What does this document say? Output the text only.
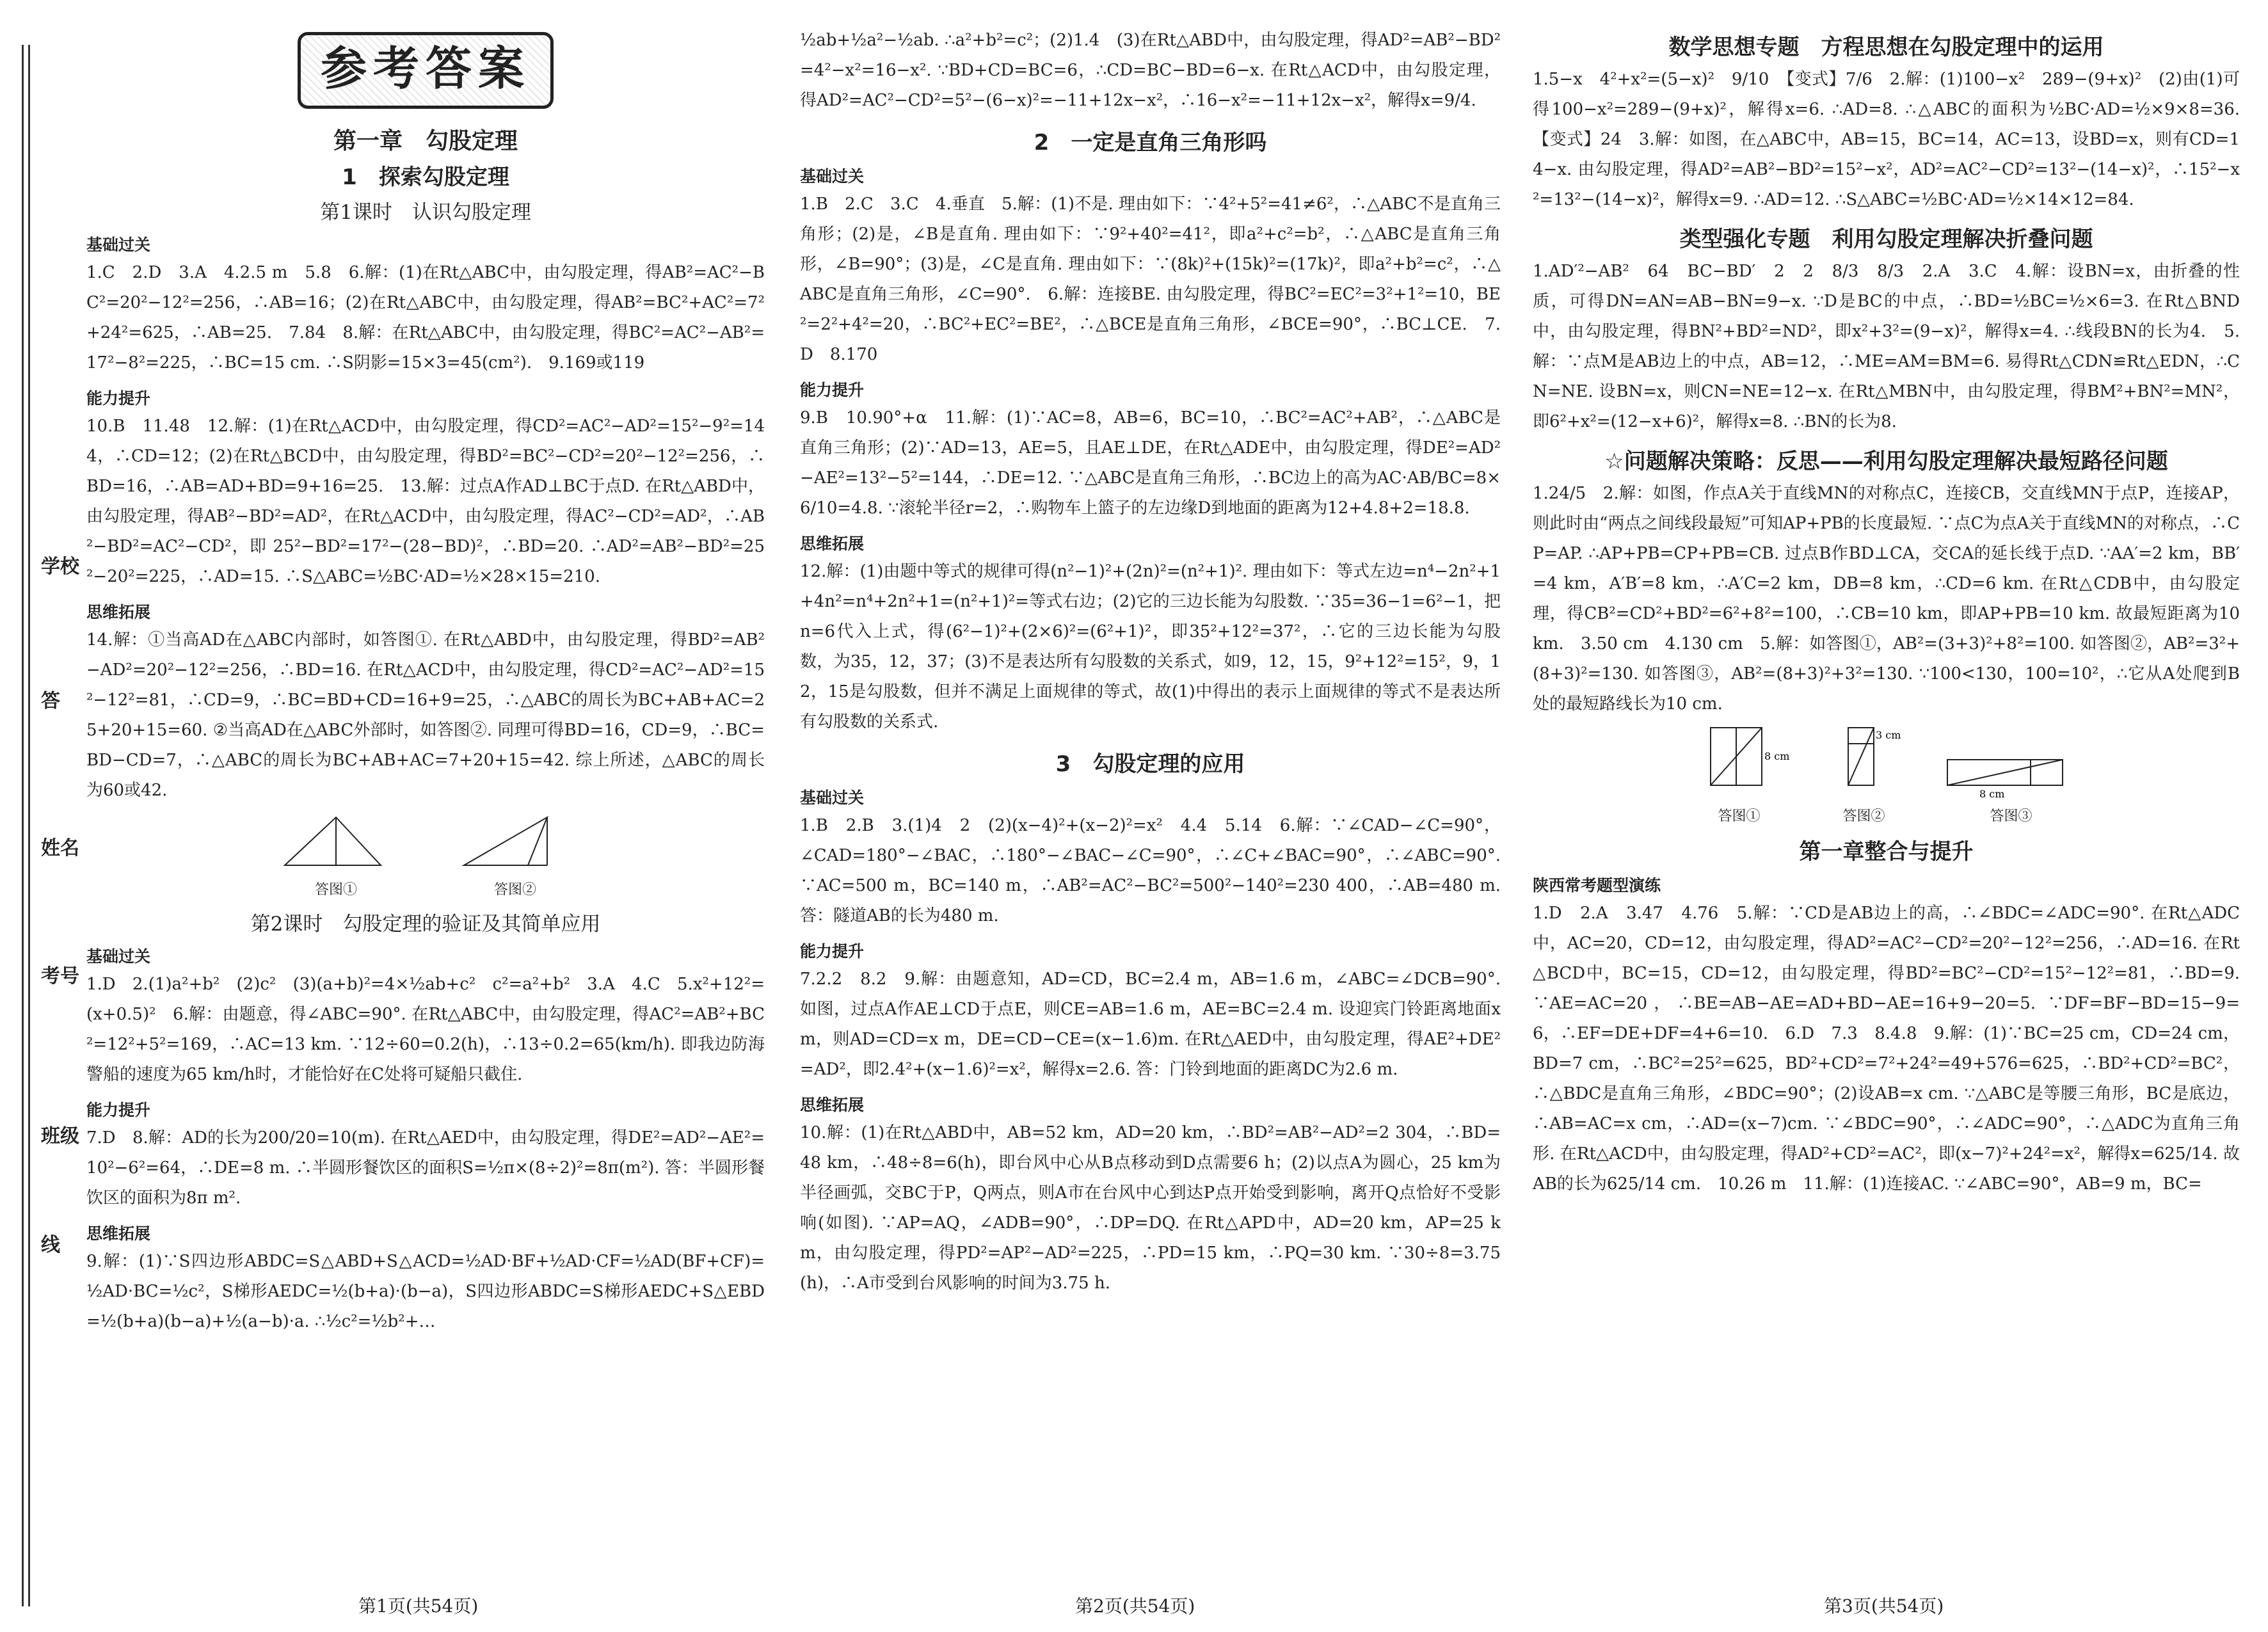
学校
答
姓名
考号
班级
线
参考答案
第一章　勾股定理
1　探索勾股定理
第1课时　认识勾股定理
基础过关

1.C　2.D　3.A　4.2.5 m　5.8　6.解：(1)在Rt△ABC中，由勾股定理，得AB²=AC²−BC²=20²−12²=256，∴AB=16；(2)在Rt△ABC中，由勾股定理，得AB²=BC²+AC²=7²+24²=625，∴AB=25.　7.84　8.解：在Rt△ABC中，由勾股定理，得BC²=AC²−AB²=17²−8²=225，∴BC=15 cm. ∴S阴影=15×3=45(cm²).　9.169或119

能力提升

10.B　11.48　12.解：(1)在Rt△ACD中，由勾股定理，得CD²=AC²−AD²=15²−9²=144，∴CD=12；(2)在Rt△BCD中，由勾股定理，得BD²=BC²−CD²=20²−12²=256，∴BD=16，∴AB=AD+BD=9+16=25.　13.解：过点A作AD⊥BC于点D. 在Rt△ABD中，由勾股定理，得AB²−BD²=AD²，在Rt△ACD中，由勾股定理，得AC²−CD²=AD²，∴AB²−BD²=AC²−CD²，即 25²−BD²=17²−(28−BD)²，∴BD=20. ∴AD²=AB²−BD²=25²−20²=225，∴AD=15. ∴S△ABC=½BC·AD=½×28×15=210.

思维拓展

14.解：①当高AD在△ABC内部时，如答图①. 在Rt△ABD中，由勾股定理，得BD²=AB²−AD²=20²−12²=256，∴BD=16. 在Rt△ACD中，由勾股定理，得CD²=AC²−AD²=15²−12²=81，∴CD=9，∴BC=BD+CD=16+9=25，∴△ABC的周长为BC+AB+AC=25+20+15=60. ②当高AD在△ABC外部时，如答图②. 同理可得BD=16，CD=9，∴BC=BD−CD=7，∴△ABC的周长为BC+AB+AC=7+20+15=42. 综上所述，△ABC的周长为60或42.

答图①	答图②
第2课时　勾股定理的验证及其简单应用
基础过关

1.D　2.(1)a²+b²　(2)c²　(3)(a+b)²=4×½ab+c²　c²=a²+b²　3.A　4.C　5.x²+12²=(x+0.5)²　6.解：由题意，得∠ABC=90°. 在Rt△ABC中，由勾股定理，得AC²=AB²+BC²=12²+5²=169，∴AC=13 km. ∵12÷60=0.2(h)，∴13÷0.2=65(km/h). 即我边防海警船的速度为65 km/h时，才能恰好在C处将可疑船只截住.

能力提升

7.D　8.解：AD的长为200/20=10(m). 在Rt△AED中，由勾股定理，得DE²=AD²−AE²=10²−6²=64，∴DE=8 m. ∴半圆形餐饮区的面积S=½π×(8÷2)²=8π(m²). 答：半圆形餐饮区的面积为8π m².

思维拓展

9.解：(1)∵S四边形ABDC=S△ABD+S△ACD=½AD·BF+½AD·CF=½AD(BF+CF)=½AD·BC=½c²，S梯形AEDC=½(b+a)·(b−a)，S四边形ABDC=S梯形AEDC+S△EBD=½(b+a)(b−a)+½(a−b)·a. ∴½c²=½b²+…

第1页(共54页)

½ab+½a²−½ab. ∴a²+b²=c²；(2)1.4　(3)在Rt△ABD中，由勾股定理，得AD²=AB²−BD²=4²−x²=16−x². ∵BD+CD=BC=6，∴CD=BC−BD=6−x. 在Rt△ACD中，由勾股定理，得AD²=AC²−CD²=5²−(6−x)²=−11+12x−x²，∴16−x²=−11+12x−x²，解得x=9/4.

2　一定是直角三角形吗
基础过关

1.B　2.C　3.C　4.垂直　5.解：(1)不是. 理由如下：∵4²+5²=41≠6²，∴△ABC不是直角三角形；(2)是，∠B是直角. 理由如下：∵9²+40²=41²，即a²+c²=b²，∴△ABC是直角三角形，∠B=90°；(3)是，∠C是直角. 理由如下：∵(8k)²+(15k)²=(17k)²，即a²+b²=c²，∴△ABC是直角三角形，∠C=90°.　6.解：连接BE. 由勾股定理，得BC²=EC²=3²+1²=10，BE²=2²+4²=20，∴BC²+EC²=BE²，∴△BCE是直角三角形，∠BCE=90°，∴BC⊥CE.　7.D　8.170

能力提升

9.B　10.90°+α　11.解：(1)∵AC=8，AB=6，BC=10，∴BC²=AC²+AB²，∴△ABC是直角三角形；(2)∵AD=13，AE=5，且AE⊥DE，在Rt△ADE中，由勾股定理，得DE²=AD²−AE²=13²−5²=144，∴DE=12. ∵△ABC是直角三角形，∴BC边上的高为AC·AB/BC=8×6/10=4.8. ∵滚轮半径r=2，∴购物车上篮子的左边缘D到地面的距离为12+4.8+2=18.8.

思维拓展

12.解：(1)由题中等式的规律可得(n²−1)²+(2n)²=(n²+1)². 理由如下：等式左边=n⁴−2n²+1+4n²=n⁴+2n²+1=(n²+1)²=等式右边；(2)它的三边长能为勾股数. ∵35=36−1=6²−1，把n=6代入上式，得(6²−1)²+(2×6)²=(6²+1)²，即35²+12²=37²，∴它的三边长能为勾股数，为35，12，37；(3)不是表达所有勾股数的关系式，如9，12，15，9²+12²=15²，9，12，15是勾股数，但并不满足上面规律的等式，故(1)中得出的表示上面规律的等式不是表达所有勾股数的关系式.

3　勾股定理的应用
基础过关

1.B　2.B　3.(1)4　2　(2)(x−4)²+(x−2)²=x²　4.4　5.14　6.解：∵∠CAD−∠C=90°，∠CAD=180°−∠BAC，∴180°−∠BAC−∠C=90°，∴∠C+∠BAC=90°，∴∠ABC=90°. ∵AC=500 m，BC=140 m，∴AB²=AC²−BC²=500²−140²=230 400，∴AB=480 m. 答：隧道AB的长为480 m.

能力提升

7.2.2　8.2　9.解：由题意知，AD=CD，BC=2.4 m，AB=1.6 m，∠ABC=∠DCB=90°. 如图，过点A作AE⊥CD于点E，则CE=AB=1.6 m，AE=BC=2.4 m. 设迎宾门铃距离地面x m，则AD=CD=x m，DE=CD−CE=(x−1.6)m. 在Rt△AED中，由勾股定理，得AE²+DE²=AD²，即2.4²+(x−1.6)²=x²，解得x=2.6. 答：门铃到地面的距离DC为2.6 m.

思维拓展

10.解：(1)在Rt△ABD中，AB=52 km，AD=20 km，∴BD²=AB²−AD²=2 304，∴BD=48 km，∴48÷8=6(h)，即台风中心从B点移动到D点需要6 h；(2)以点A为圆心，25 km为半径画弧，交BC于P，Q两点，则A市在台风中心到达P点开始受到影响，离开Q点恰好不受影响(如图). ∵AP=AQ，∠ADB=90°，∴DP=DQ. 在Rt△APD中，AD=20 km，AP=25 km，由勾股定理，得PD²=AP²−AD²=225，∴PD=15 km，∴PQ=30 km. ∵30÷8=3.75(h)，∴A市受到台风影响的时间为3.75 h.

第2页(共54页)
数学思想专题　方程思想在勾股定理中的运用

1.5−x　4²+x²=(5−x)²　9/10　【变式】7/6　2.解：(1)100−x²　289−(9+x)²　(2)由(1)可得100−x²=289−(9+x)²，解得x=6. ∴AD=8. ∴△ABC的面积为½BC·AD=½×9×8=36.　【变式】24　3.解：如图，在△ABC中，AB=15，BC=14，AC=13，设BD=x，则有CD=14−x. 由勾股定理，得AD²=AB²−BD²=15²−x²，AD²=AC²−CD²=13²−(14−x)²，∴15²−x²=13²−(14−x)²，解得x=9. ∴AD=12. ∴S△ABC=½BC·AD=½×14×12=84.

类型强化专题　利用勾股定理解决折叠问题

1.AD′²−AB²　64　BC−BD′　2　2　8/3　8/3　2.A　3.C　4.解：设BN=x，由折叠的性质，可得DN=AN=AB−BN=9−x. ∵D是BC的中点，∴BD=½BC=½×6=3. 在Rt△BND中，由勾股定理，得BN²+BD²=ND²，即x²+3²=(9−x)²，解得x=4. ∴线段BN的长为4.　5.解：∵点M是AB边上的中点，AB=12，∴ME=AM=BM=6. 易得Rt△CDN≌Rt△EDN，∴CN=NE. 设BN=x，则CN=NE=12−x. 在Rt△MBN中，由勾股定理，得BM²+BN²=MN²，即6²+x²=(12−x+6)²，解得x=8. ∴BN的长为8.

☆问题解决策略：反思——利用勾股定理解决最短路径问题

1.24/5　2.解：如图，作点A关于直线MN的对称点C，连接CB，交直线MN于点P，连接AP，则此时由“两点之间线段最短”可知AP+PB的长度最短. ∵点C为点A关于直线MN的对称点，∴CP=AP. ∴AP+PB=CP+PB=CB. 过点B作BD⊥CA，交CA的延长线于点D. ∵AA′=2 km，BB′=4 km，A′B′=8 km，∴A′C=2 km，DB=8 km，∴CD=6 km. 在Rt△CDB中，由勾股定理，得CB²=CD²+BD²=6²+8²=100，∴CB=10 km，即AP+PB=10 km. 故最短距离为10 km.　3.50 cm　4.130 cm　5.解：如答图①，AB²=(3+3)²+8²=100. 如答图②，AB²=3²+(8+3)²=130. 如答图③，AB²=(8+3)²+3²=130. ∵100<130，100=10²，∴它从A处爬到B处的最短路线长为10 cm.

8 cm
答图①
3 cm
答图②
8 cm
答图③
第一章整合与提升
陕西常考题型演练

1.D　2.A　3.47　4.76　5.解：∵CD是AB边上的高，∴∠BDC=∠ADC=90°. 在Rt△ADC中，AC=20，CD=12，由勾股定理，得AD²=AC²−CD²=20²−12²=256，∴AD=16. 在Rt△BCD中，BC=15，CD=12，由勾股定理，得BD²=BC²−CD²=15²−12²=81，∴BD=9. ∵AE=AC=20，∴BE=AB−AE=AD+BD−AE=16+9−20=5. ∵DF=BF−BD=15−9=6，∴EF=DE+DF=4+6=10.　6.D　7.3　8.4.8　9.解：(1)∵BC=25 cm，CD=24 cm，BD=7 cm，∴BC²=25²=625，BD²+CD²=7²+24²=49+576=625，∴BD²+CD²=BC²，∴△BDC是直角三角形，∠BDC=90°；(2)设AB=x cm. ∵△ABC是等腰三角形，BC是底边，∴AB=AC=x cm，∴AD=(x−7)cm. ∵∠BDC=90°，∴∠ADC=90°，∴△ADC为直角三角形. 在Rt△ACD中，由勾股定理，得AD²+CD²=AC²，即(x−7)²+24²=x²，解得x=625/14. 故AB的长为625/14 cm.　10.26 m　11.解：(1)连接AC. ∵∠ABC=90°，AB=9 m，BC=

第3页(共54页)
